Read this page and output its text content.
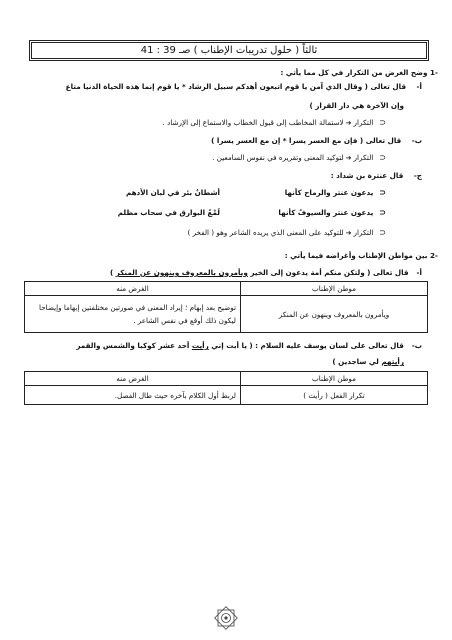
ثالثاً ( حلول تدريبات الإطناب ) صـ 39 : 41
-1 وضح الغرض من التكرار في كل مما يأتي :
أ- قال تعالى ( وقال الذي آمن يا قوم اتبعون أهدكم سبيل الرشاد * يا قوم إنما هذه الحياة الدنيا متاع
وإن الآخرة هي دار القرار )
⊂التكرار➔ لاستمالة المخاطب إلى قبول الخطاب والاستماع إلى الإرشاد .
ب- قال تعالى ( فإن مع العسر يسرا * إن مع العسر يسرا )
⊂التكرار➔ لتوكيد المعنى وتقريره في نفوس السامعين .
ج- قال عنترة بن شداد :
⊂يدعون عنتر والرماح كأنها
أشطانُ بئر في لبان الأدهم
⊂يدعون عنتر والسيوفُ كأنها
لَمْعُ البوارق في سحاب مظلم
⊂التكرار➔ للتوكيد على المعنى الذي يريده الشاعر وهو ( الفخر )
-2 بين مواطن الإطناب وأغراضه فيما يأتي :
أ-قال تعالى ( ولتكن منكم أمة يدعون إلى الخير ويأمرون بالمعروف وينهون عن المنكر )
موطن الإطناب	الغرض منه
ويأمرون بالمعروف وينهون عن المنكر	توضيح بعد إبهام ؛ إيراد المعنى في صورتين مختلفتين إبهاما وإيضاحا ليكون ذلك أوقع في نفس الشاعر .
ب-قال تعالى على لسان يوسف عليه السلام : ( يا أبت إني رأيت أحد عشر كوكبا والشمس والقمر
رأيتهم لي ساجدين )
موطن الإطناب	الغرض منه
تكرار الفعل ( رأيت )	لربط أول الكلام بآخره حيث طال الفصل.
